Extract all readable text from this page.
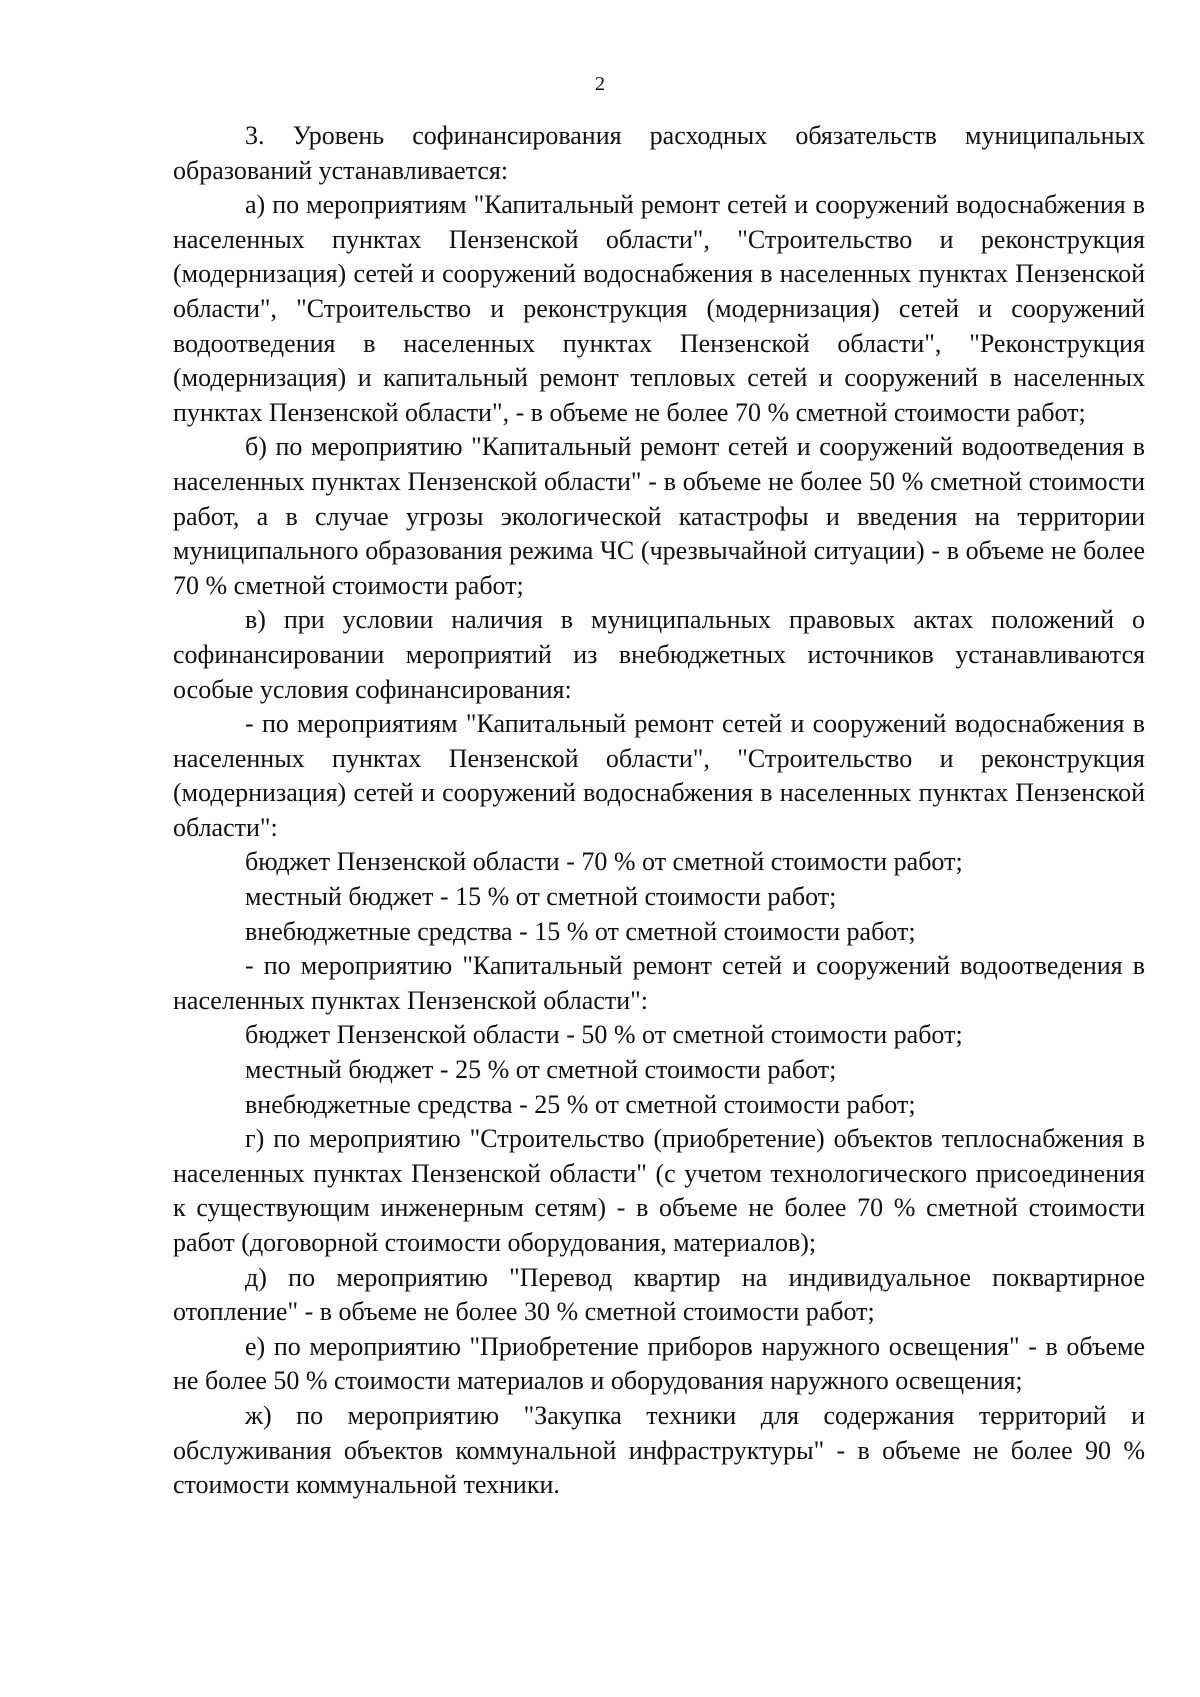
2

3. Уровень софинансирования расходных обязательств муниципальных образований устанавливается:

а) по мероприятиям "Капитальный ремонт сетей и сооружений водоснабжения в населенных пунктах Пензенской области", "Строительство и реконструкция (модернизация) сетей и сооружений водоснабжения в населенных пунктах Пензенской области", "Строительство и реконструкция (модернизация) сетей и сооружений водоотведения в населенных пунктах Пензенской области", "Реконструкция (модернизация) и капитальный ремонт тепловых сетей и сооружений в населенных пунктах Пензенской области", - в объеме не более 70 % сметной стоимости работ;

б) по мероприятию "Капитальный ремонт сетей и сооружений водоотведения в населенных пунктах Пензенской области" - в объеме не более 50 % сметной стоимости работ, а в случае угрозы экологической катастрофы и введения на территории муниципального образования режима ЧС (чрезвычайной ситуации) - в объеме не более 70 % сметной стоимости работ;

в) при условии наличия в муниципальных правовых актах положений о софинансировании мероприятий из внебюджетных источников устанавливаются особые условия софинансирования:

- по мероприятиям "Капитальный ремонт сетей и сооружений водоснабжения в населенных пунктах Пензенской области", "Строительство и реконструкция (модернизация) сетей и сооружений водоснабжения в населенных пунктах Пензенской области":

бюджет Пензенской области - 70 % от сметной стоимости работ;

местный бюджет - 15 % от сметной стоимости работ;

внебюджетные средства - 15 % от сметной стоимости работ;

- по мероприятию "Капитальный ремонт сетей и сооружений водоотведения в населенных пунктах Пензенской области":

бюджет Пензенской области - 50 % от сметной стоимости работ;

местный бюджет - 25 % от сметной стоимости работ;

внебюджетные средства - 25 % от сметной стоимости работ;

г) по мероприятию "Строительство (приобретение) объектов теплоснабжения в населенных пунктах Пензенской области" (с учетом технологического присоединения к существующим инженерным сетям) - в объеме не более 70 % сметной стоимости работ (договорной стоимости оборудования, материалов);

д) по мероприятию "Перевод квартир на индивидуальное поквартирное отопление" - в объеме не более 30 % сметной стоимости работ;

е) по мероприятию "Приобретение приборов наружного освещения" - в объеме не более 50 % стоимости материалов и оборудования наружного освещения;

ж) по мероприятию "Закупка техники для содержания территорий и обслуживания объектов коммунальной инфраструктуры" - в объеме не более 90 % стоимости коммунальной техники.
